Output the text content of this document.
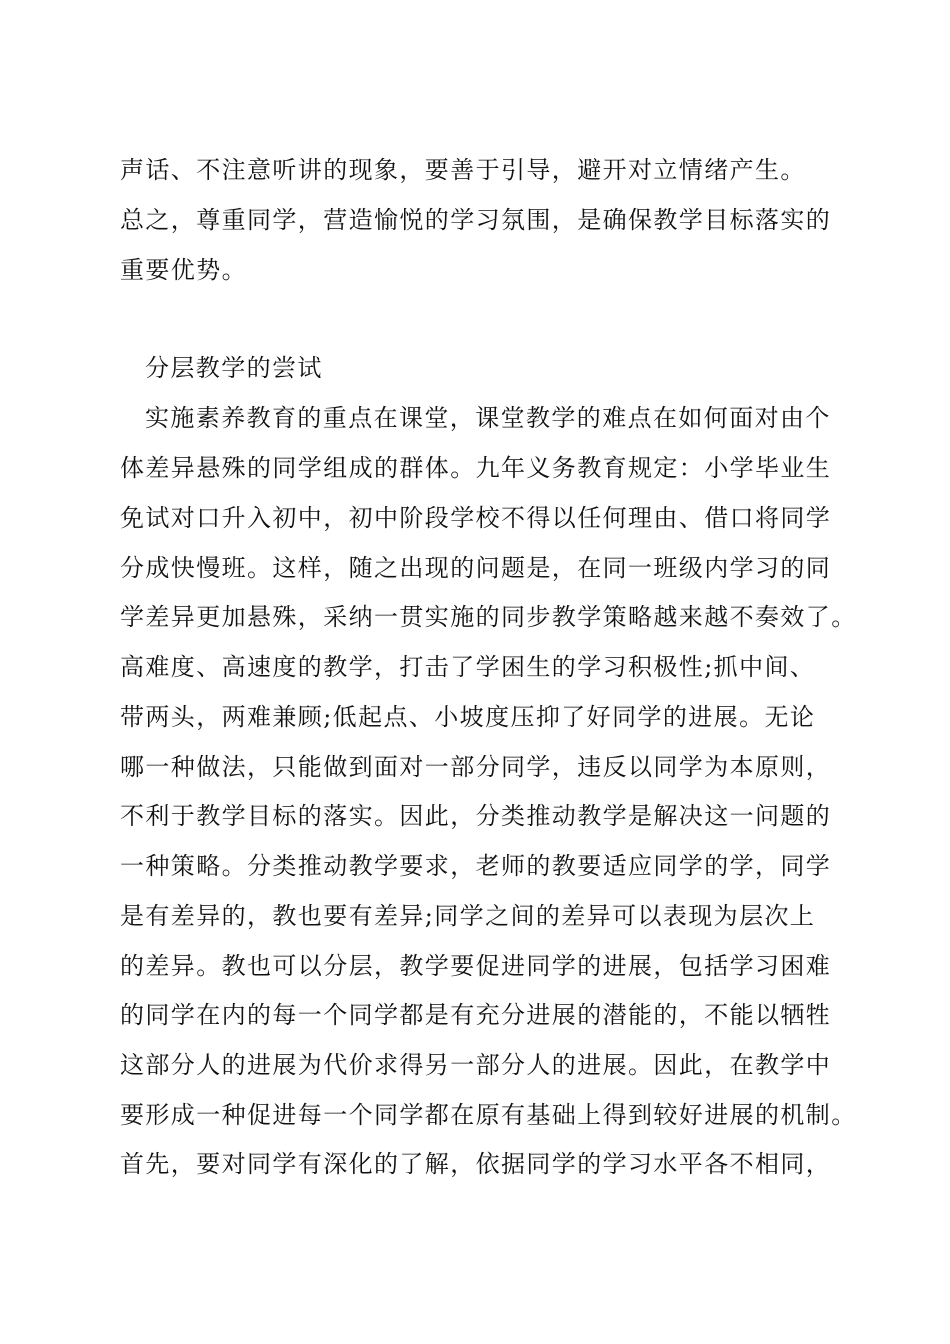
声话、不注意听讲的现象，要善于引导，避开对立情绪产生。
总之，尊重同学，营造愉悦的学习氛围，是确保教学目标落实的
重要优势。
分层教学的尝试
实施素养教育的重点在课堂，课堂教学的难点在如何面对由个
体差异悬殊的同学组成的群体。九年义务教育规定：小学毕业生
免试对口升入初中，初中阶段学校不得以任何理由、借口将同学
分成快慢班。这样，随之出现的问题是，在同一班级内学习的同
学差异更加悬殊，采纳一贯实施的同步教学策略越来越不奏效了。
高难度、高速度的教学，打击了学困生的学习积极性;抓中间、
带两头，两难兼顾;低起点、小坡度压抑了好同学的进展。无论
哪一种做法，只能做到面对一部分同学，违反以同学为本原则，
不利于教学目标的落实。因此，分类推动教学是解决这一问题的
一种策略。分类推动教学要求，老师的教要适应同学的学，同学
是有差异的，教也要有差异;同学之间的差异可以表现为层次上
的差异。教也可以分层，教学要促进同学的进展，包括学习困难
的同学在内的每一个同学都是有充分进展的潜能的，不能以牺牲
这部分人的进展为代价求得另一部分人的进展。因此，在教学中
要形成一种促进每一个同学都在原有基础上得到较好进展的机制。
首先，要对同学有深化的了解，依据同学的学习水平各不相同，
